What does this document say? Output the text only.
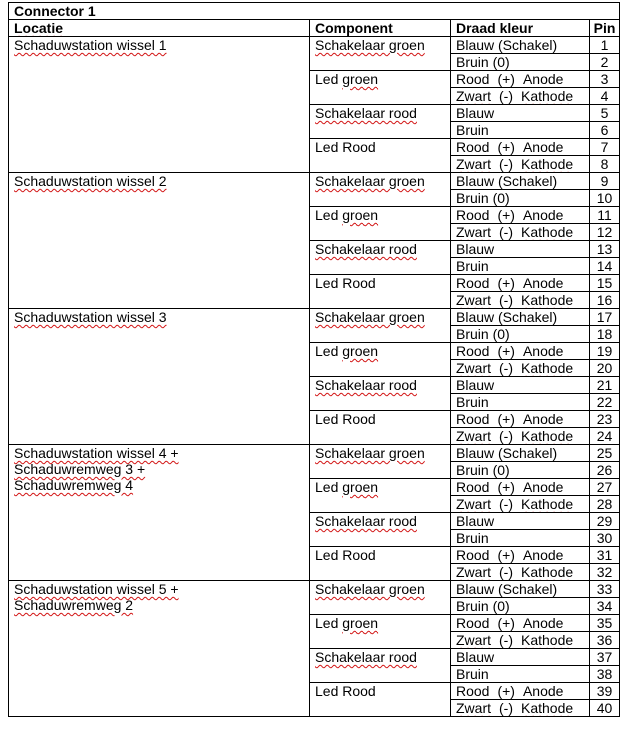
Connector 1			
Locatie	Component	Draad kleur	Pin

Schaduwstation wissel 1	Schakelaar groen	Blauw (Schakel)	1
		Bruin (0)	2
	Led groen	Rood (+) Anode	3
		Zwart (-) Kathode	4
	Schakelaar rood	Blauw	5
		Bruin	6
	Led Rood	Rood (+) Anode	7
		Zwart (-) Kathode	8

Schaduwstation wissel 2	Schakelaar groen	Blauw (Schakel)	9
		Bruin (0)	10
	Led groen	Rood (+) Anode	11
		Zwart (-) Kathode	12
	Schakelaar rood	Blauw	13
		Bruin	14
	Led Rood	Rood (+) Anode	15
		Zwart (-) Kathode	16

Schaduwstation wissel 3	Schakelaar groen	Blauw (Schakel)	17
		Bruin (0)	18
	Led groen	Rood (+) Anode	19
		Zwart (-) Kathode	20
	Schakelaar rood	Blauw	21
		Bruin	22
	Led Rood	Rood (+) Anode	23
		Zwart (-) Kathode	24

Schaduwstation wissel 4 +
Schaduwremweg 3 +
Schaduwremweg 4	Schakelaar groen	Blauw (Schakel)	25
		Bruin (0)	26
	Led groen	Rood (+) Anode	27
		Zwart (-) Kathode	28
	Schakelaar rood	Blauw	29
		Bruin	30
	Led Rood	Rood (+) Anode	31
		Zwart (-) Kathode	32

Schaduwstation wissel 5 +
Schaduwremweg 2	Schakelaar groen	Blauw (Schakel)	33
		Bruin (0)	34
	Led groen	Rood (+) Anode	35
		Zwart (-) Kathode	36
	Schakelaar rood	Blauw	37
		Bruin	38
	Led Rood	Rood (+) Anode	39
		Zwart (-) Kathode	40
